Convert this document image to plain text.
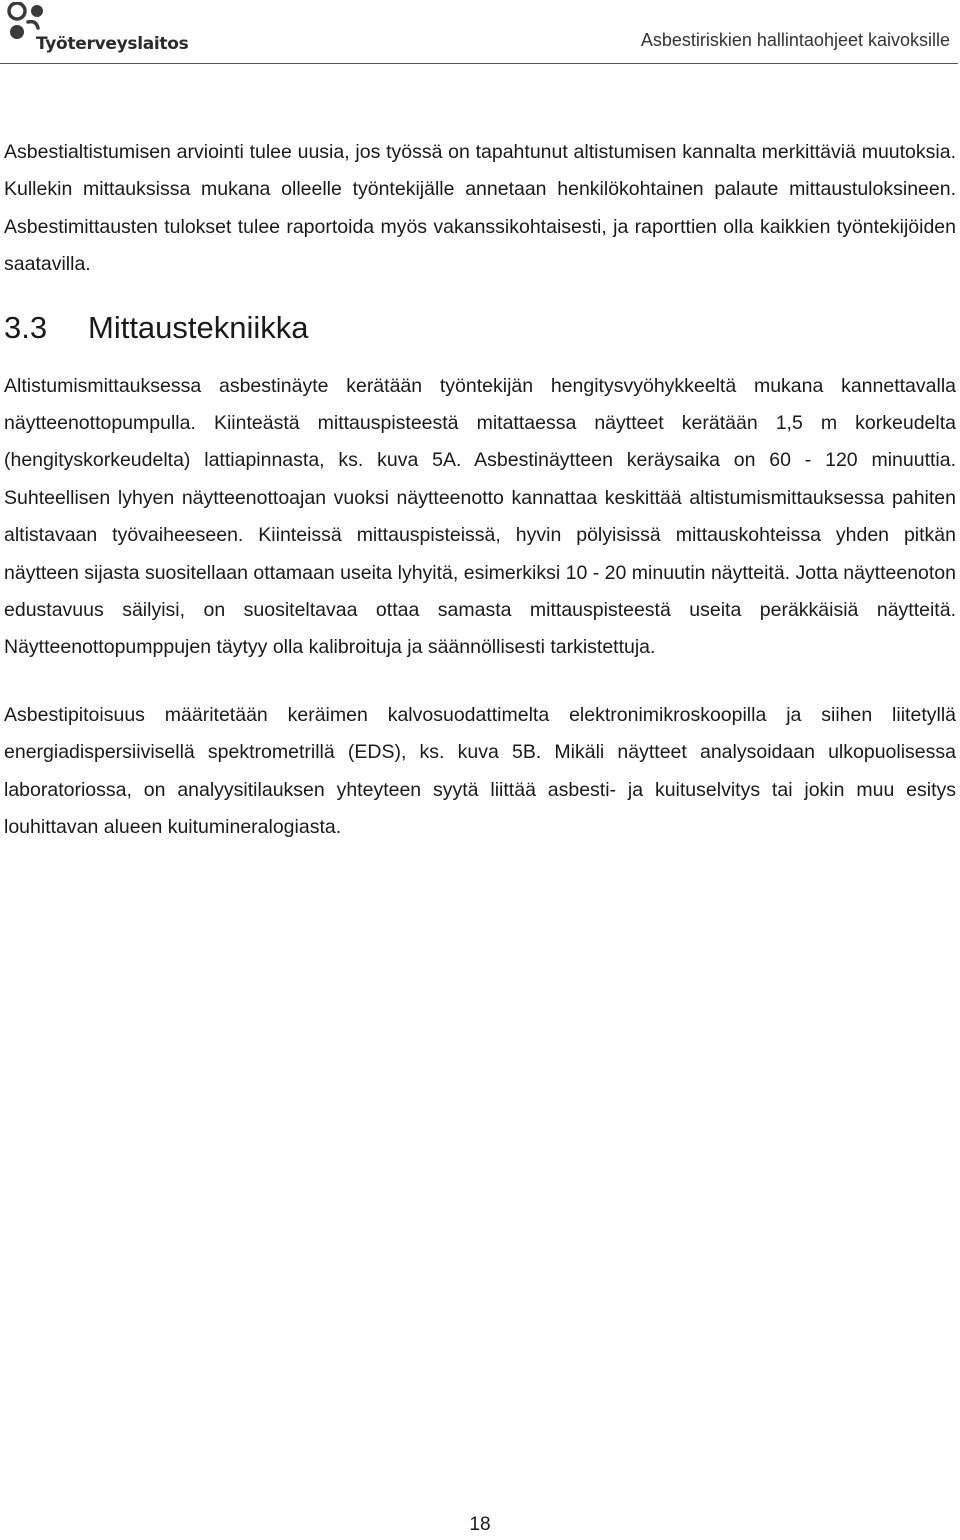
Työterveyslaitos	Asbestiriskien hallintaohjeet kaivoksille

Asbestialtistumisen arviointi tulee uusia, jos työssä on tapahtunut altistumisen kannalta merkittäviä muutoksia. Kullekin mittauksissa mukana olleelle työntekijälle annetaan henkilökohtainen palaute mittaustuloksineen. Asbestimittausten tulokset tulee raportoida myös vakanssikohtaisesti, ja raporttien olla kaikkien työntekijöiden saatavilla.

3.3 Mittaustekniikka

Altistumismittauksessa asbestinäyte kerätään työntekijän hengitysvyöhykkeeltä mukana kannettavalla näytteenottopumpulla. Kiinteästä mittauspisteestä mitattaessa näytteet kerätään 1,5 m korkeudelta (hengityskorkeudelta) lattiapinnasta, ks. kuva 5A. Asbestinäytteen keräysaika on 60 - 120 minuuttia. Suhteellisen lyhyen näytteenottoajan vuoksi näytteenotto kannattaa keskittää altistumismittauksessa pahiten altistavaan työvaiheeseen. Kiinteissä mittauspisteissä, hyvin pölyisissä mittauskohteissa yhden pitkän näytteen sijasta suositellaan ottamaan useita lyhyitä, esimerkiksi 10 - 20 minuutin näytteitä. Jotta näytteenoton edustavuus säilyisi, on suositeltavaa ottaa samasta mittauspisteestä useita peräkkäisiä näytteitä. Näytteenottopumppujen täytyy olla kalibroituja ja säännöllisesti tarkistettuja.

Asbestipitoisuus määritetään keräimen kalvosuodattimelta elektronimikroskoopilla ja siihen liitetyllä energiadispersiivisellä spektrometrillä (EDS), ks. kuva 5B. Mikäli näytteet analysoidaan ulkopuolisessa laboratoriossa, on analyysitilauksen yhteyteen syytä liittää asbesti- ja kuituselvitys tai jokin muu esitys louhittavan alueen kuitumineralogiasta.

18
